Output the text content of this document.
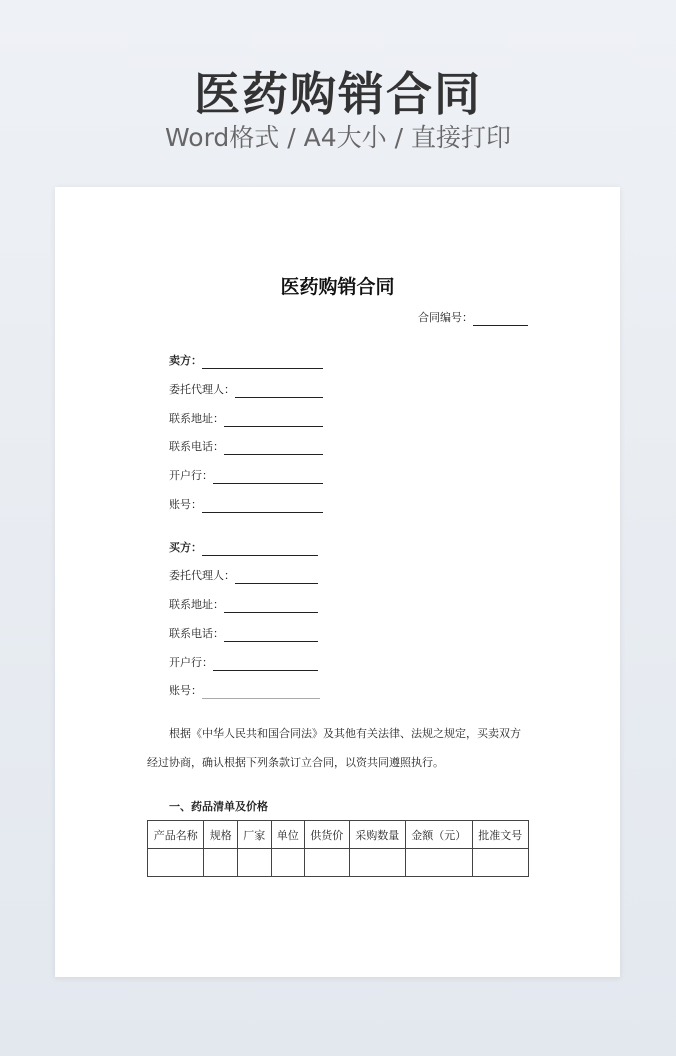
医药购销合同
Word格式 / A4大小 / 直接打印
医药购销合同
合同编号：
卖方：
委托代理人：
联系地址：
联系电话：
开户行：
账号：
买方：
委托代理人：
联系地址：
联系电话：
开户行：
账号：
根据《中华人民共和国合同法》及其他有关法律、法规之规定，买卖双方经过协商，确认根据下列条款订立合同，以资共同遵照执行。
一、药品清单及价格
产品名称	规格	厂家	单位	供货价	采购数量	金额（元）	批准文号
